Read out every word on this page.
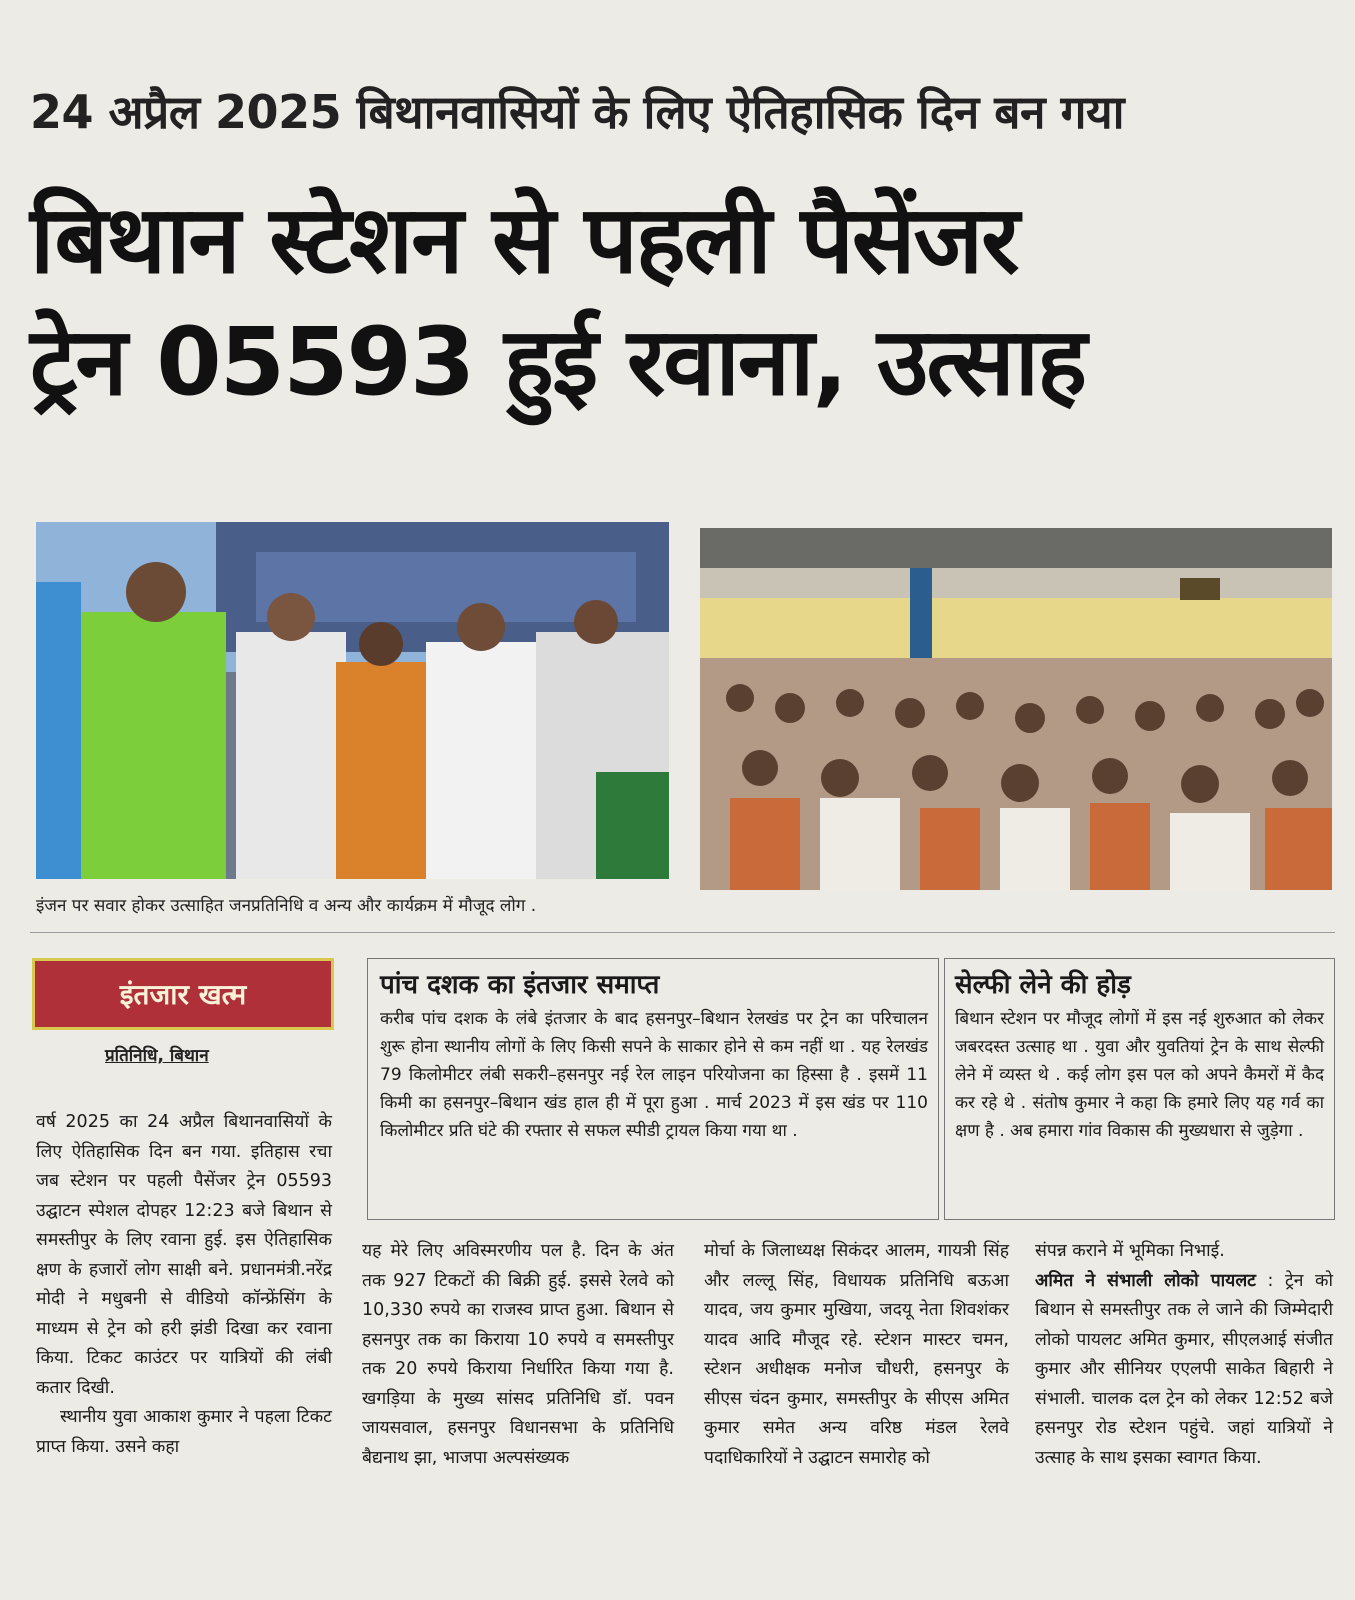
24 अप्रैल 2025 बिथानवासियों के लिए ऐतिहासिक दिन बन गया
बिथान स्टेशन से पहली पैसेंजर
ट्रेन 05593 हुई रवाना, उत्साह
इंजन पर सवार होकर उत्साहित जनप्रतिनिधि व अन्य और कार्यक्रम में मौजूद लोग .
इंतजार खत्म
प्रतिनिधि, बिथान
पांच दशक का इंतजार समाप्त
करीब पांच दशक के लंबे इंतजार के बाद हसनपुर–बिथान रेलखंड पर ट्रेन का परिचालन शुरू होना स्थानीय लोगों के लिए किसी सपने के साकार होने से कम नहीं था . यह रेलखंड 79 किलोमीटर लंबी सकरी–हसनपुर नई रेल लाइन परियोजना का हिस्सा है . इसमें 11 किमी का हसनपुर–बिथान खंड हाल ही में पूरा हुआ . मार्च 2023 में इस खंड पर 110 किलोमीटर प्रति घंटे की रफ्तार से सफल स्पीडी ट्रायल किया गया था .
सेल्फी लेने की होड़
बिथान स्टेशन पर मौजूद लोगों में इस नई शुरुआत को लेकर जबरदस्त उत्साह था . युवा और युवतियां ट्रेन के साथ सेल्फी लेने में व्यस्त थे . कई लोग इस पल को अपने कैमरों में कैद कर रहे थे . संतोष कुमार ने कहा कि हमारे लिए यह गर्व का क्षण है . अब हमारा गांव विकास की मुख्यधारा से जुड़ेगा .

वर्ष 2025 का 24 अप्रैल बिथानवासियों के लिए ऐतिहासिक दिन बन गया. इतिहास रचा जब स्टेशन पर पहली पैसेंजर ट्रेन 05593 उद्घाटन स्पेशल दोपहर 12:23 बजे बिथान से समस्तीपुर के लिए रवाना हुई. इस ऐतिहासिक क्षण के हजारों लोग साक्षी बने. प्रधानमंत्री.नरेंद्र मोदी ने मधुबनी से वीडियो कॉन्फ्रेंसिंग के माध्यम से ट्रेन को हरी झंडी दिखा कर रवाना किया. टिकट काउंटर पर यात्रियों की लंबी कतार दिखी.

स्थानीय युवा आकाश कुमार ने पहला टिकट प्राप्त किया. उसने कहा

यह मेरे लिए अविस्मरणीय पल है. दिन के अंत तक 927 टिकटों की बिक्री हुई. इससे रेलवे को 10,330 रुपये का राजस्व प्राप्त हुआ. बिथान से हसनपुर तक का किराया 10 रुपये व समस्तीपुर तक 20 रुपये किराया निर्धारित किया गया है. खगड़िया के मुख्य सांसद प्रतिनिधि डॉ. पवन जायसवाल, हसनपुर विधानसभा के प्रतिनिधि बैद्यनाथ झा, भाजपा अल्पसंख्यक

मोर्चा के जिलाध्यक्ष सिकंदर आलम, गायत्री सिंह और लल्लू सिंह, विधायक प्रतिनिधि बऊआ यादव, जय कुमार मुखिया, जदयू नेता शिवशंकर यादव आदि मौजूद रहे. स्टेशन मास्टर चमन, स्टेशन अधीक्षक मनोज चौधरी, हसनपुर के सीएस चंदन कुमार, समस्तीपुर के सीएस अमित कुमार समेत अन्य वरिष्ठ मंडल रेलवे पदाधिकारियों ने उद्घाटन समारोह को

संपन्न कराने में भूमिका निभाई.

अमित ने संभाली लोको पायलट : ट्रेन को बिथान से समस्तीपुर तक ले जाने की जिम्मेदारी लोको पायलट अमित कुमार, सीएलआई संजीत कुमार और सीनियर एएलपी साकेत बिहारी ने संभाली. चालक दल ट्रेन को लेकर 12:52 बजे हसनपुर रोड स्टेशन पहुंचे. जहां यात्रियों ने उत्साह के साथ इसका स्वागत किया.
